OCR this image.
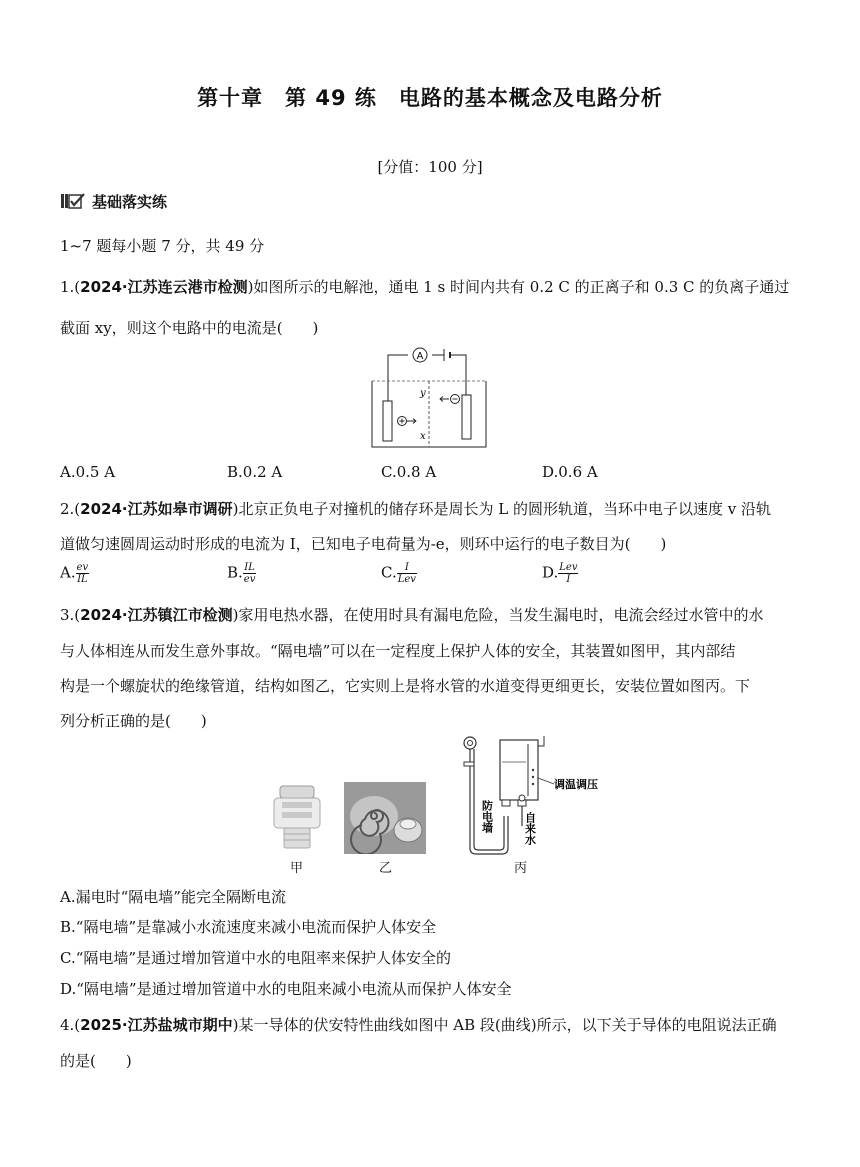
第十章　第 49 练　电路的基本概念及电路分析
[分值：100 分]
基础落实练
1~7 题每小题 7 分，共 49 分
1.(2024·江苏连云港市检测)如图所示的电解池，通电 1 s 时间内共有 0.2 C 的正离子和 0.3 C 的负离子通过
截面 xy，则这个电路中的电流是(　　)
A
y
x
A.0.5 A	B.0.2 A	C.0.8 A	D.0.6 A
2.(2024·江苏如皋市调研)北京正负电子对撞机的储存环是周长为 L 的圆形轨道，当环中电子以速度 v 沿轨
道做匀速圆周运动时形成的电流为 I，已知电子电荷量为-e，则环中运行的电子数目为(　　)
A. $\frac{ev}{IL}$	B. $\frac{IL}{ev}$	C. $\frac{I}{\text{Lev}}$	D. $\frac{\text{Lev}}{I}$
3.(2024·江苏镇江市检测)家用电热水器，在使用时具有漏电危险，当发生漏电时，电流会经过水管中的水
与人体相连从而发生意外事故。“隔电墙”可以在一定程度上保护人体的安全，其装置如图甲，其内部结
构是一个螺旋状的绝缘管道，结构如图乙，它实则上是将水管的水道变得更细更长，安装位置如图丙。下
列分析正确的是(　　)
甲	乙
调温调压
防电墙	自来水
丙
A.漏电时“隔电墙”能完全隔断电流
B.“隔电墙”是靠减小水流速度来减小电流而保护人体安全
C.“隔电墙”是通过增加管道中水的电阻率来保护人体安全的
D.“隔电墙”是通过增加管道中水的电阻来减小电流从而保护人体安全
4.(2025·江苏盐城市期中)某一导体的伏安特性曲线如图中 AB 段(曲线)所示，以下关于导体的电阻说法正确
的是(　　)
